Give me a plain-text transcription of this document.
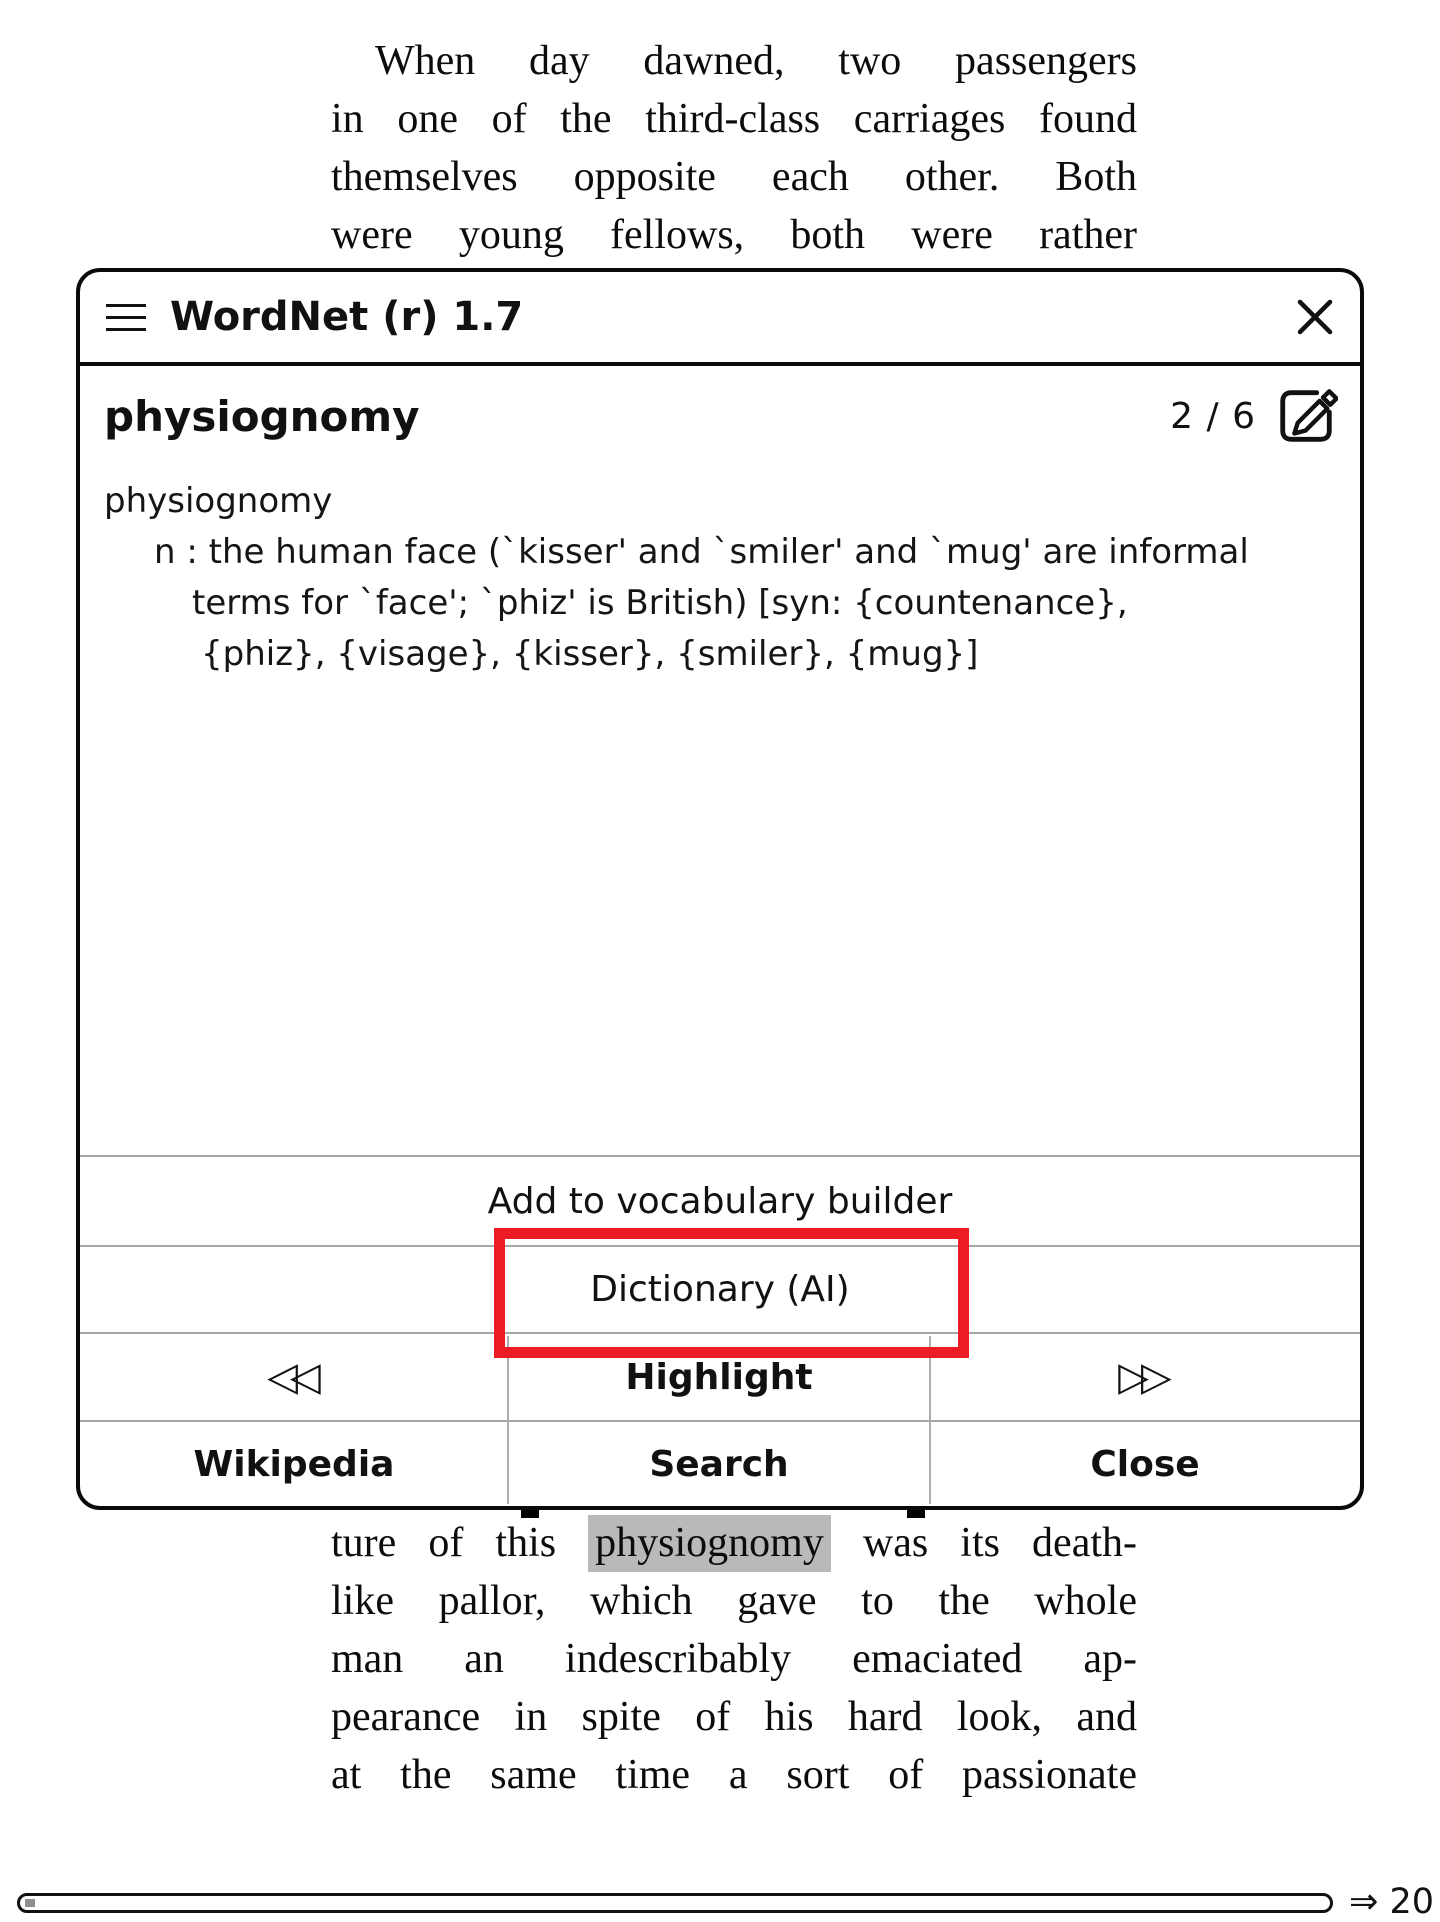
When day dawned, two passengers
in one of the third-class carriages found
themselves opposite each other. Both
were young fellows, both were rather
WordNet (r) 1.7
physiognomy	2 / 6
physiognomy
n : the human face (`kisser' and `smiler' and `mug' are informal
terms for `face'; `phiz' is British) [syn: {countenance},
{phiz}, {visage}, {kisser}, {smiler}, {mug}]
Add to vocabulary builder
Dictionary (AI)
◁◁	Highlight	▷▷
Wikipedia	Search	Close
ture of this physiognomy was its death-
like pallor, which gave to the whole
man an indescribably emaciated ap-
pearance in spite of his hard look, and
at the same time a sort of passionate
⇒ 20
